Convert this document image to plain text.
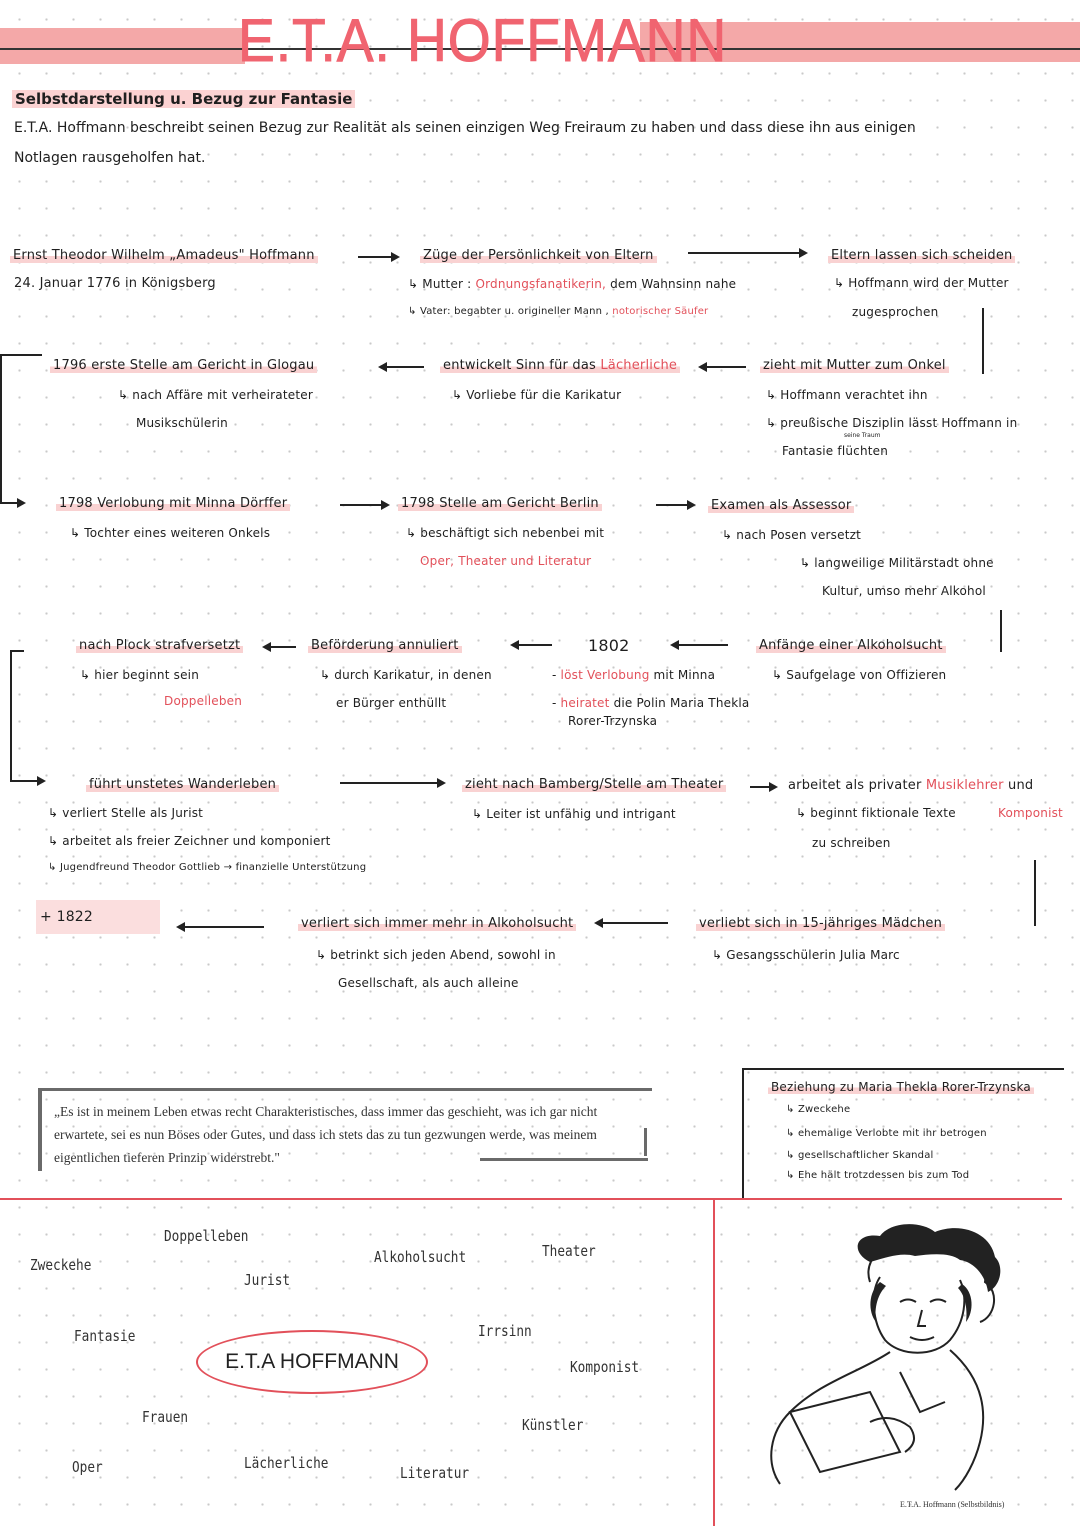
E.T.A. HOFFMANN
Selbstdarstellung u. Bezug zur Fantasie
E.T.A. Hoffmann beschreibt seinen Bezug zur Realität als seinen einzigen Weg Freiraum zu haben und dass diese ihn aus einigen
Notlagen rausgeholfen hat.
Ernst Theodor Wilhelm „Amadeus" Hoffmann
24. Januar 1776 in Königsberg
Züge der Persönlichkeit von Eltern
↳ Mutter : Ordnungsfanatikerin, dem Wahnsinn nahe
↳ Vater: begabter u. origineller Mann , notorischer Säufer
Eltern lassen sich scheiden
↳ Hoffmann wird der Mutter
zugesprochen
1796 erste Stelle am Gericht in Glogau
↳ nach Affäre mit verheirateter
Musikschülerin
entwickelt Sinn für das Lächerliche
↳ Vorliebe für die Karikatur
zieht mit Mutter zum Onkel
↳ Hoffmann verachtet ihn
↳ preußische Disziplin lässt Hoffmann in
seine Traum
Fantasie flüchten
1798 Verlobung mit Minna Dörffer
↳ Tochter eines weiteren Onkels
1798 Stelle am Gericht Berlin
↳ beschäftigt sich nebenbei mit
Oper, Theater und Literatur
Examen als Assessor
↳ nach Posen versetzt
↳ langweilige Militärstadt ohne
Kultur, umso mehr Alkohol
nach Plock strafversetzt
↳ hier beginnt sein
Doppelleben
Beförderung annuliert
↳ durch Karikatur, in denen
er Bürger enthüllt
1802
- löst Verlobung mit Minna
- heiratet die Polin Maria Thekla
Rorer-Trzynska
Anfänge einer Alkoholsucht
↳ Saufgelage von Offizieren
führt unstetes Wanderleben
↳ verliert Stelle als Jurist
↳ arbeitet als freier Zeichner und komponiert
↳ Jugendfreund Theodor Gottlieb → finanzielle Unterstützung
zieht nach Bamberg/Stelle am Theater
↳ Leiter ist unfähig und intrigant
arbeitet als privater Musiklehrer und
↳ beginnt fiktionale Texte	Komponist
zu schreiben
+ 1822	verliert sich immer mehr in Alkoholsucht
↳ betrinkt sich jeden Abend, sowohl in
Gesellschaft, als auch alleine
verliebt sich in 15-jähriges Mädchen
↳ Gesangsschülerin Julia Marc
„Es ist in meinem Leben etwas recht Charakteristisches, dass immer das geschieht, was ich gar nicht erwartete, sei es nun Böses oder Gutes, und dass ich stets das zu tun gezwungen werde, was meinem eigentlichen tieferen Prinzip widerstrebt."
Beziehung zu Maria Thekla Rorer-Trzynska
↳ Zweckehe
↳ ehemalige Verlobte mit ihr betrogen
↳ gesellschaftlicher Skandal
↳ Ehe hält trotzdessen bis zum Tod
E.T.A HOFFMANN
Zweckehe
Doppelleben
Jurist
Alkoholsucht	Theater
Fantasie	Irrsinn
Komponist
Frauen	Künstler
Oper	Lächerliche
Literatur
E.T.A. Hoffmann (Selbstbildnis)
